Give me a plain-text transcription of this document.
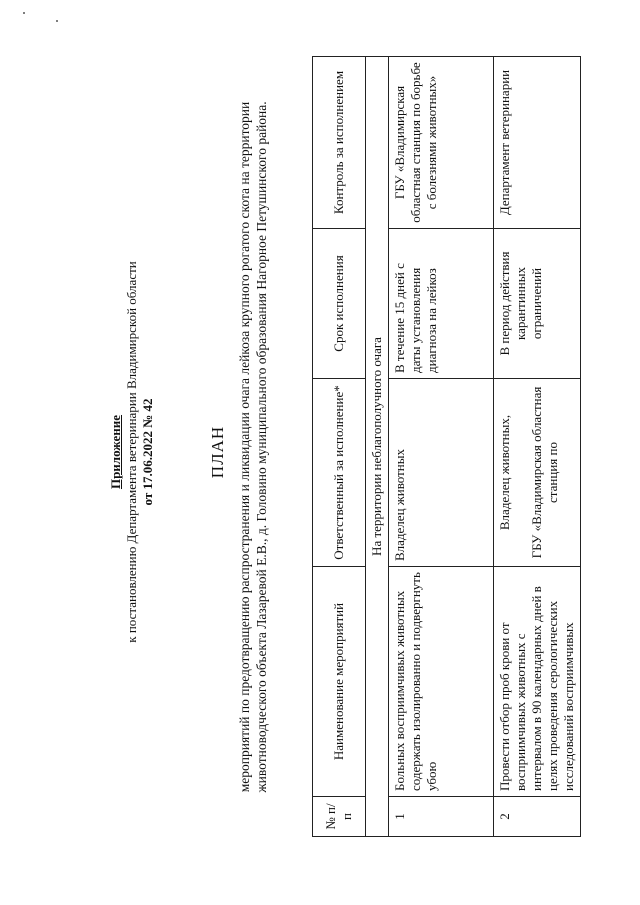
Приложение к постановлению Департамента ветеринарии Владимирской области от 17.06.2022 № 42	ПЛАН мероприятий по предотвращению распространения и ликвидации очага лейкоза крупного рогатого скота на территории животноводческого объекта Лазаревой Е.В., д. Головино муниципального образования Нагорное Петушинского района.
№ п/п	Наименование мероприятий	Ответственный за исполнение*	Срок исполнения	Контроль за исполнением
На территории неблагополучного очага				
1	Больных восприимчивых животных содержать изолированно и подвергнуть убою	Владелец животных	В течение 15 дней с даты установления диагноза на лейкоз	ГБУ «Владимирская областная станция по борьбе с болезнями животных»
2	Провести отбор проб крови от восприимчивых животных с интервалом в 90 календарных дней в целях проведения серологических исследований восприимчивых	Владелец животных, ГБУ «Владимирская областная станция по	В период действия карантинных ограничений	Департамент ветеринарии
